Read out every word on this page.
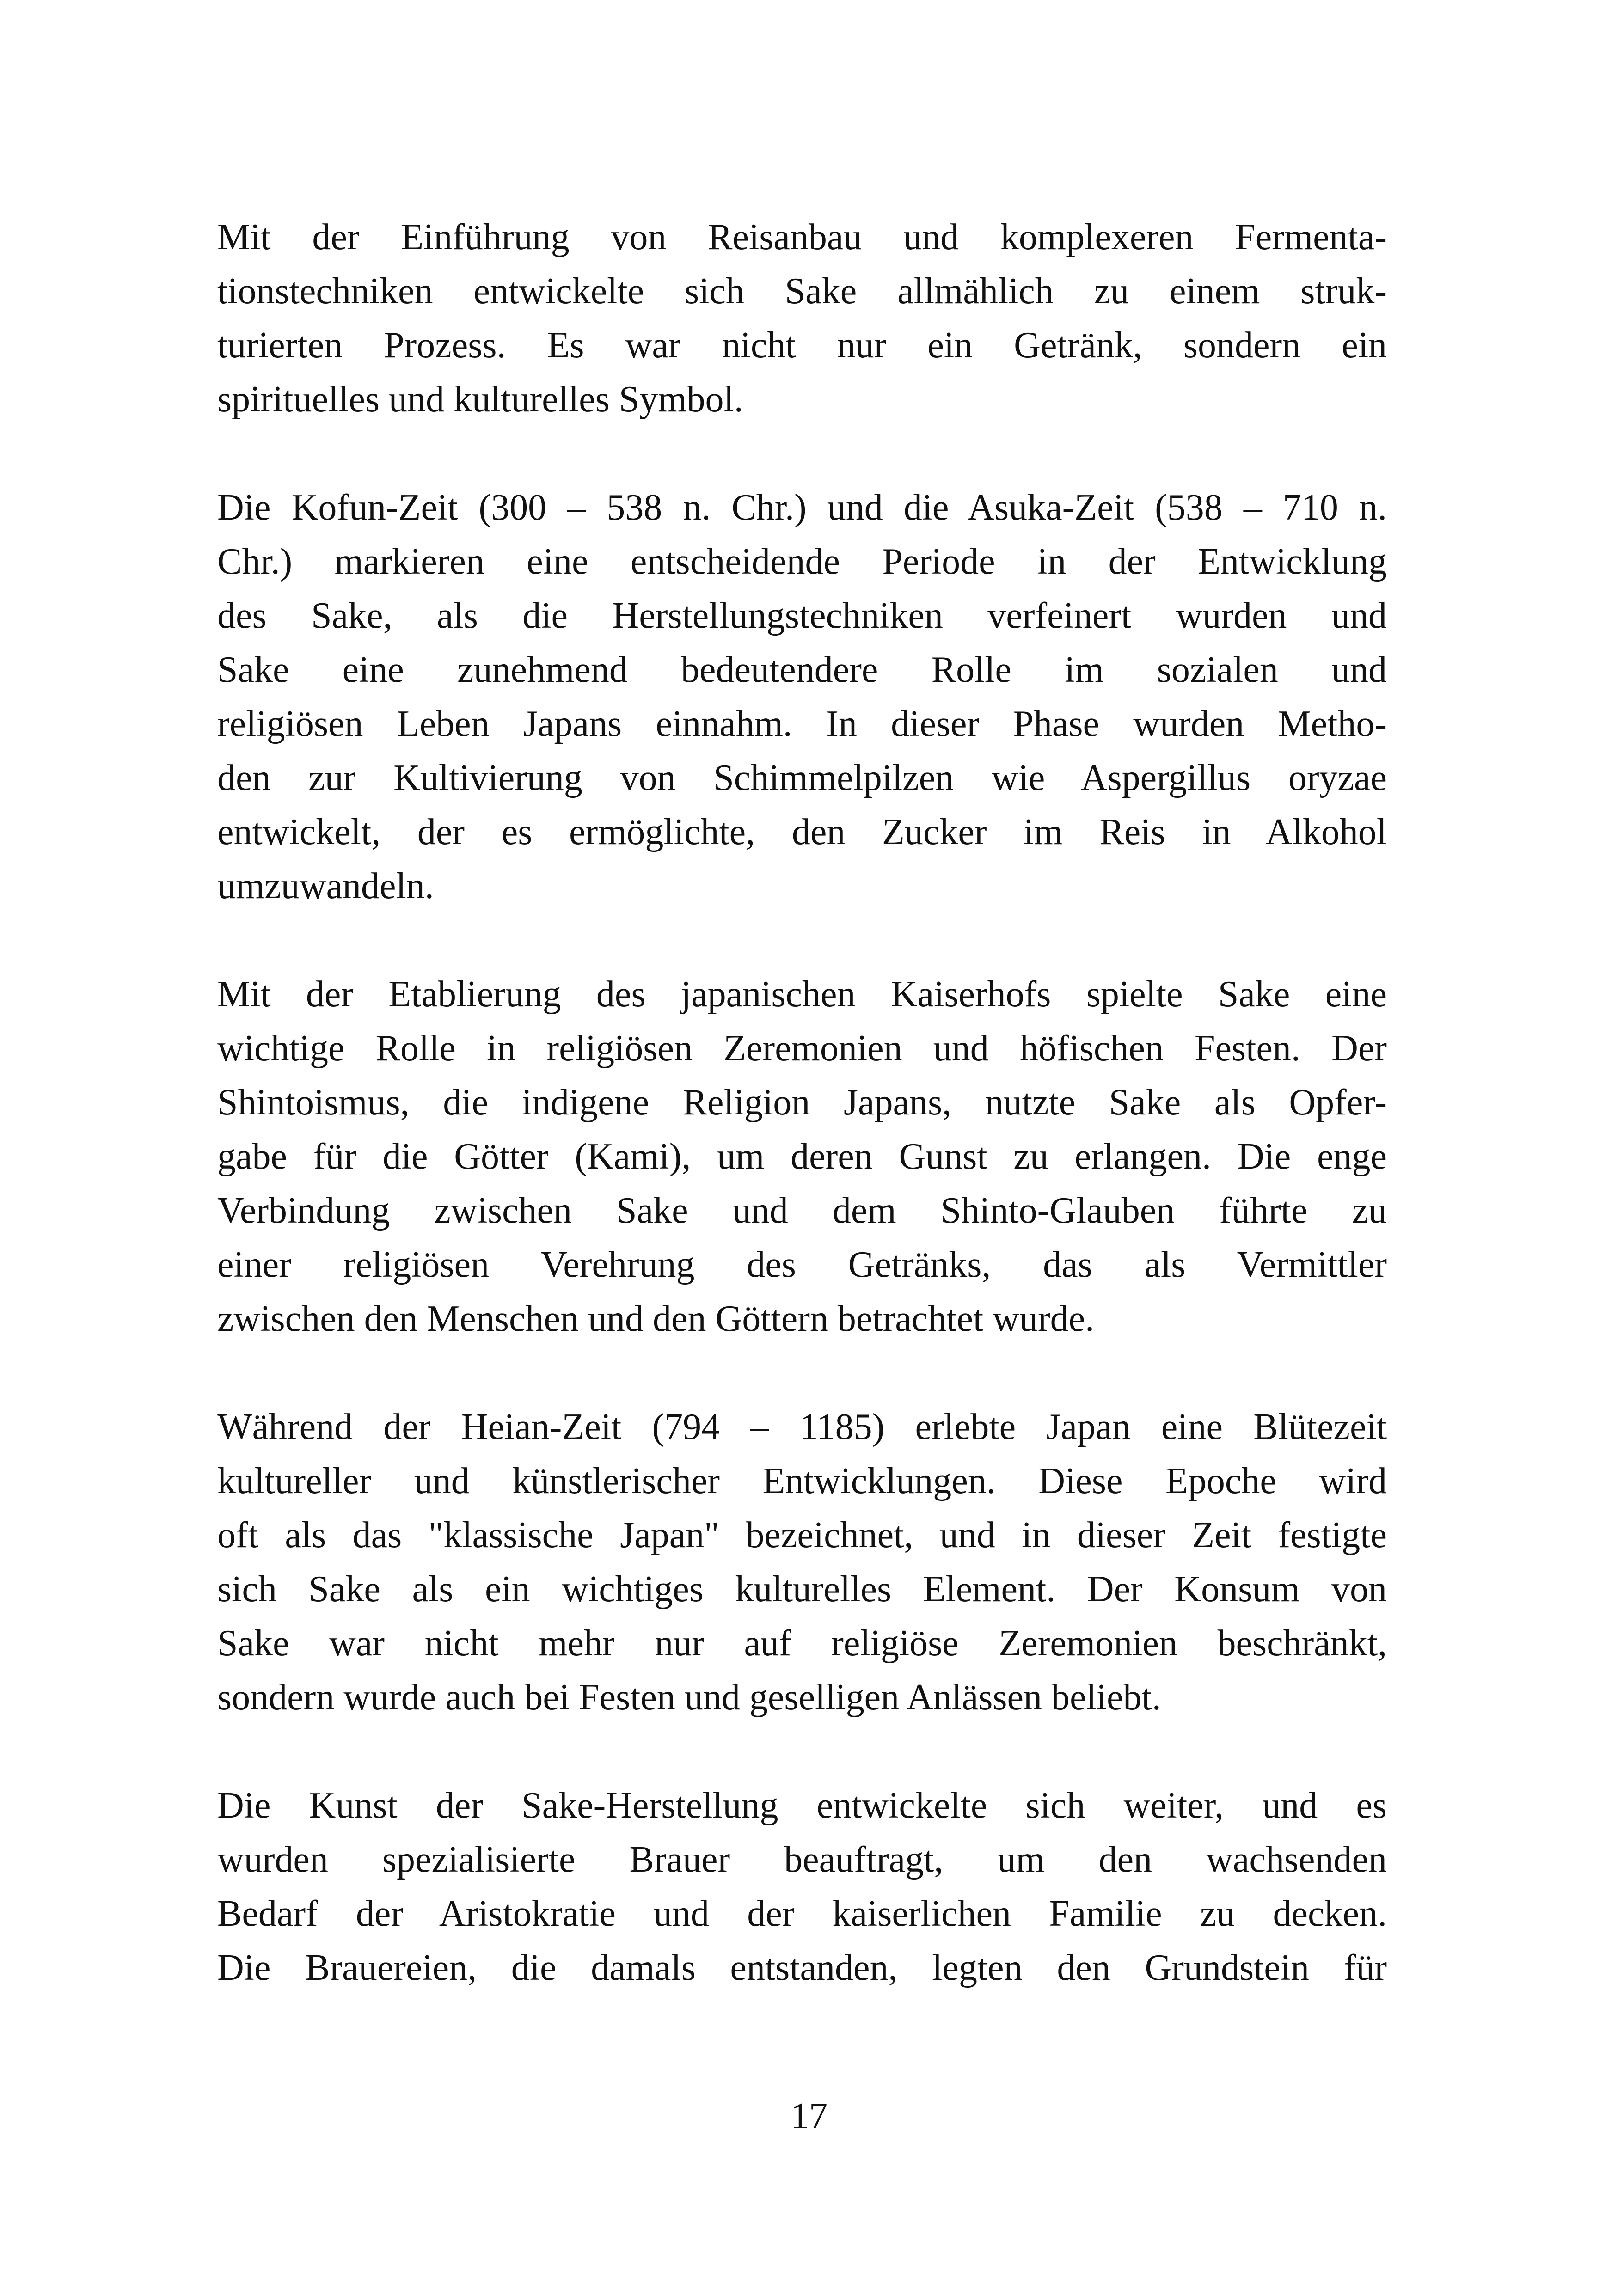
Mit der Einführung von Reisanbau und komplexeren Fermenta-
tionstechniken entwickelte sich Sake allmählich zu einem struk-
turierten Prozess. Es war nicht nur ein Getränk, sondern ein
spirituelles und kulturelles Symbol.

Die Kofun-Zeit (300 – 538 n. Chr.) und die Asuka-Zeit (538 – 710 n.
Chr.) markieren eine entscheidende Periode in der Entwicklung
des Sake, als die Herstellungstechniken verfeinert wurden und
Sake eine zunehmend bedeutendere Rolle im sozialen und
religiösen Leben Japans einnahm. In dieser Phase wurden Metho-
den zur Kultivierung von Schimmelpilzen wie Aspergillus oryzae
entwickelt, der es ermöglichte, den Zucker im Reis in Alkohol
umzuwandeln.

Mit der Etablierung des japanischen Kaiserhofs spielte Sake eine
wichtige Rolle in religiösen Zeremonien und höfischen Festen. Der
Shintoismus, die indigene Religion Japans, nutzte Sake als Opfer-
gabe für die Götter (Kami), um deren Gunst zu erlangen. Die enge
Verbindung zwischen Sake und dem Shinto-Glauben führte zu
einer religiösen Verehrung des Getränks, das als Vermittler
zwischen den Menschen und den Göttern betrachtet wurde.

Während der Heian-Zeit (794 – 1185) erlebte Japan eine Blütezeit
kultureller und künstlerischer Entwicklungen. Diese Epoche wird
oft als das "klassische Japan" bezeichnet, und in dieser Zeit festigte
sich Sake als ein wichtiges kulturelles Element. Der Konsum von
Sake war nicht mehr nur auf religiöse Zeremonien beschränkt,
sondern wurde auch bei Festen und geselligen Anlässen beliebt.

Die Kunst der Sake-Herstellung entwickelte sich weiter, und es
wurden spezialisierte Brauer beauftragt, um den wachsenden
Bedarf der Aristokratie und der kaiserlichen Familie zu decken.
Die Brauereien, die damals entstanden, legten den Grundstein für

17
